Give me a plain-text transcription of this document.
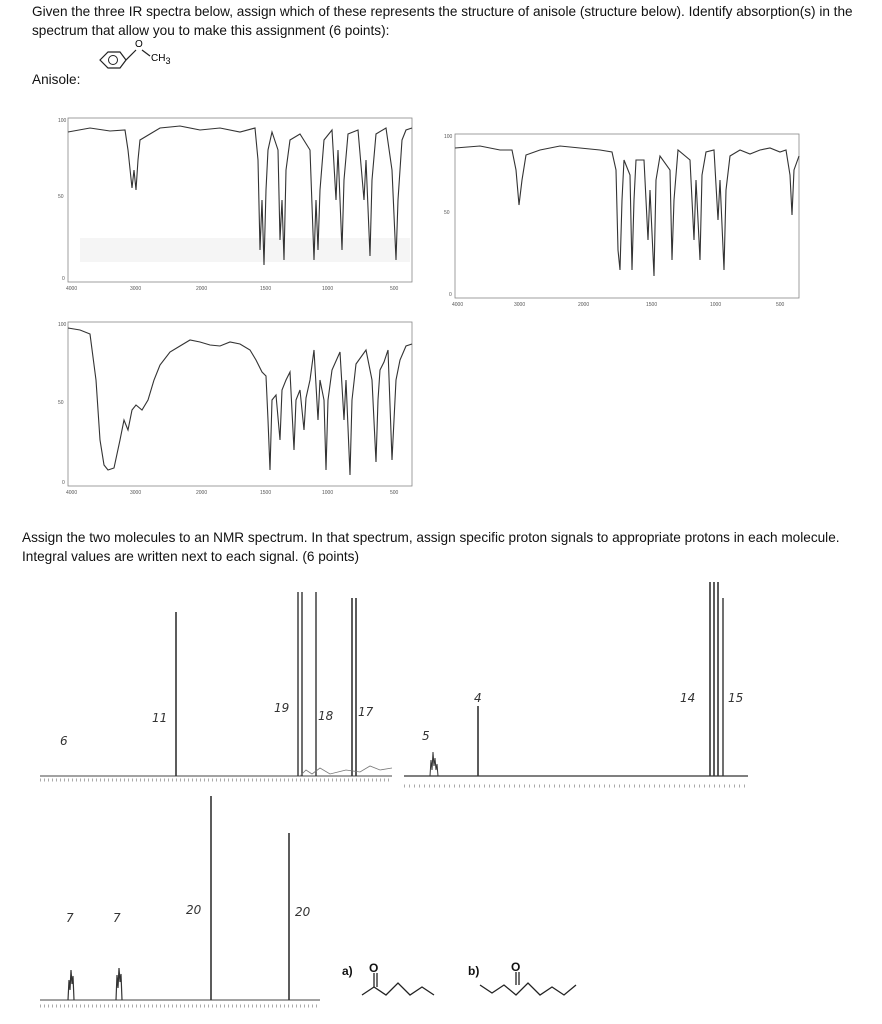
Given the three IR spectra below, assign which of these represents the structure of anisole (structure below). Identify absorption(s) in the spectrum that allow you to make this assignment (6 points):

Anisole:
O
CH3
100
50
0
4000	3000	2000	1500	1000	500
100
50
0
4000	3000	2000	1500	1000	500
100
50
0
4000	3000	2000	1500	1000	500

Assign the two molecules to an NMR spectrum. In that spectrum, assign specific proton signals to appropriate protons in each molecule. Integral values are written next to each signal. (6 points)

6
11
19
18 17
5
4	14	15
7	7
20	20
a) O	b)	O
